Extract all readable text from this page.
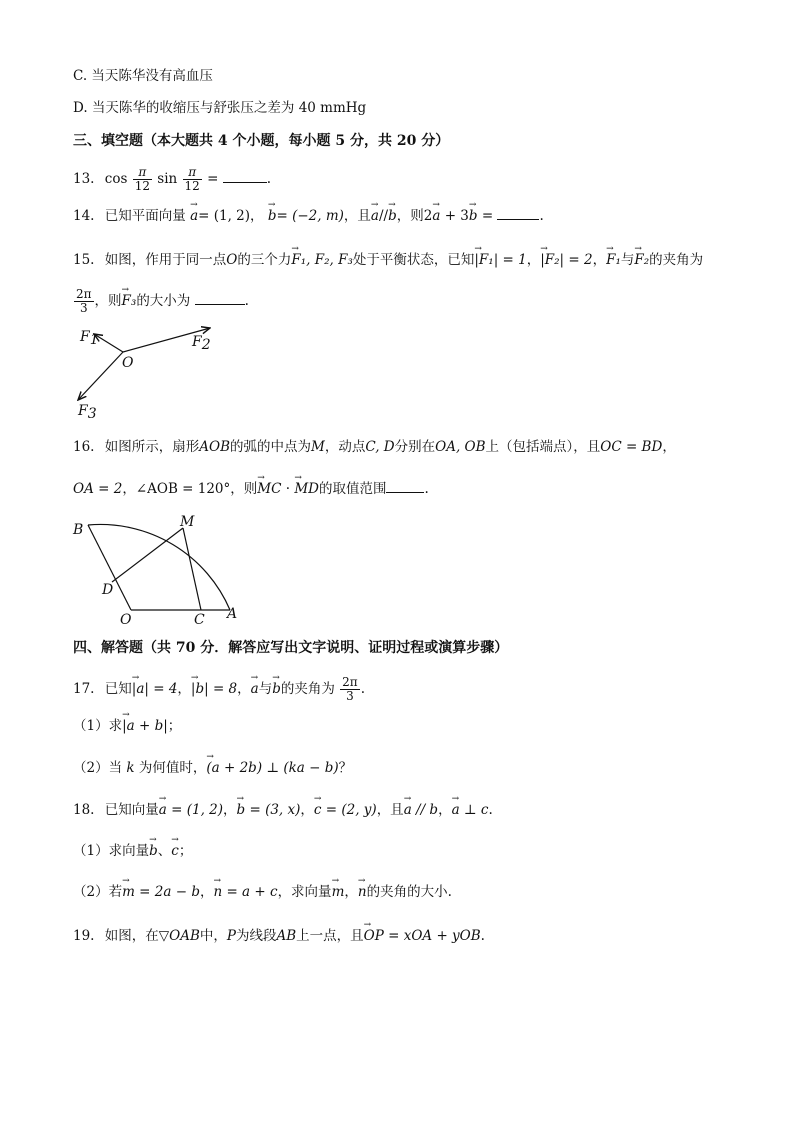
C. 当天陈华没有高血压
D. 当天陈华的收缩压与舒张压之差为 40 mmHg
三、填空题（本大题共 4 个小题，每小题 5 分，共 20 分）
13. $\cos \frac{\pi}{12}$ $\sin \frac{\pi}{12}$ =	.
14. 已知平面向量 → a= (1, 2)， → b= (−2, m)，且→ a//→ b，则2→ a + 3→ b =	.
15. 如图，作用于同一点O的三个力→ F₁, F₂, F₃处于平衡状态，已知→ |F₁| = 1，→ |F₂| = 2，→ F₁与→ F₂的夹角为
$\frac{2\pi}{3}$ ，则→ F₃的大小为	.
F1	F2
O
F3
16. 如图所示，扇形AOB的弧的中点为M，动点C, D分别在OA, OB上（包括端点），且OC = BD，
OA = 2，∠AOB = 120°，则→ MC · → MD的取值范围	.
B	M
D
O	C A
四、解答题（共 70 分．解答应写出文字说明、证明过程或演算步骤）
17. 已知→ |a| = 4，→ |b| = 8，→ a与→ b的夹角为 $\frac{2\pi}{3}$ .
（1）求→ |a + b|；
（2）当 k 为何值时，→ (a + 2b) ⊥ (ka − b)？
18. 已知向量→ a = (1, 2)，→ b = (3, x)，→ c = (2, y)，且→ a // b，→ a ⊥ c.
（1）求向量→ b、→ c；
（2）若→ m = 2a − b，→ n = a + c，求向量→ m，→ n的夹角的大小.
19. 如图，在▽OAB中，P为线段AB上一点，且→ OP = xOA + yOB.
